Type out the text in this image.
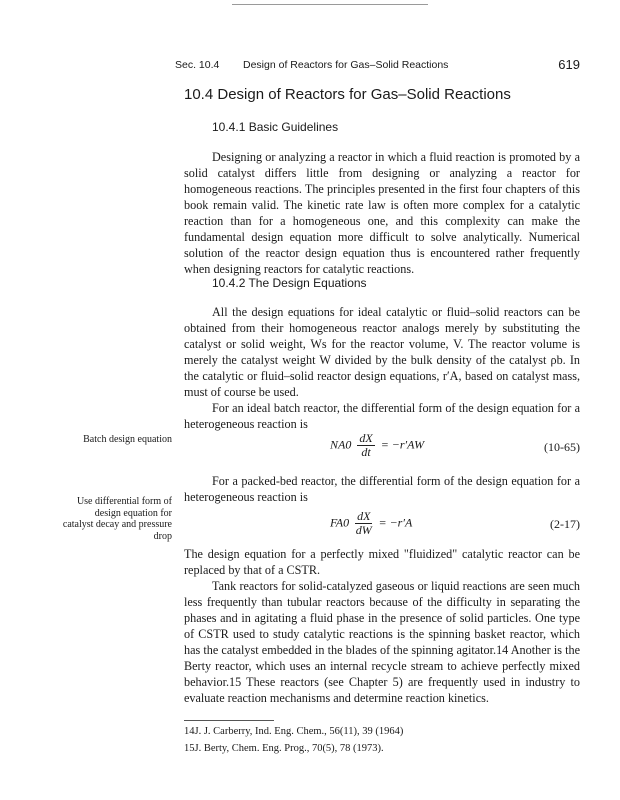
Sec. 10.4 Design of Reactors for Gas–Solid Reactions	619
10.4 Design of Reactors for Gas–Solid Reactions
10.4.1 Basic Guidelines

Designing or analyzing a reactor in which a fluid reaction is promoted by a solid catalyst differs little from designing or analyzing a reactor for homogeneous reactions. The principles presented in the first four chapters of this book remain valid. The kinetic rate law is often more complex for a catalytic reaction than for a homogeneous one, and this complexity can make the fundamental design equation more difficult to solve analytically. Numerical solution of the reactor design equation thus is encountered rather frequently when designing reactors for catalytic reactions.

10.4.2 The Design Equations

All the design equations for ideal catalytic or fluid–solid reactors can be obtained from their homogeneous reactor analogs merely by substituting the catalyst or solid weight, Ws for the reactor volume, V. The reactor volume is merely the catalyst weight W divided by the bulk density of the catalyst ρb. In the catalytic or fluid–solid reactor design equations, r′A, based on catalyst mass, must of course be used.

For an ideal batch reactor, the differential form of the design equation for a heterogeneous reaction is

Batch design equation	$NA0 \frac{dX}{dt} = -r'AW$	(10-65)

For a packed-bed reactor, the differential form of the design equation for a heterogeneous reaction is

Use differential form of design equation for catalyst decay and pressure drop
$FA0 \frac{dX}{dW} = -r'A$	(2-17)

The design equation for a perfectly mixed "fluidized" catalytic reactor can be replaced by that of a CSTR.

Tank reactors for solid-catalyzed gaseous or liquid reactions are seen much less frequently than tubular reactors because of the difficulty in separating the phases and in agitating a fluid phase in the presence of solid particles. One type of CSTR used to study catalytic reactions is the spinning basket reactor, which has the catalyst embedded in the blades of the spinning agitator.14 Another is the Berty reactor, which uses an internal recycle stream to achieve perfectly mixed behavior.15 These reactors (see Chapter 5) are frequently used in industry to evaluate reaction mechanisms and determine reaction kinetics.

14J. J. Carberry, Ind. Eng. Chem., 56(11), 39 (1964)
15J. Berty, Chem. Eng. Prog., 70(5), 78 (1973).
